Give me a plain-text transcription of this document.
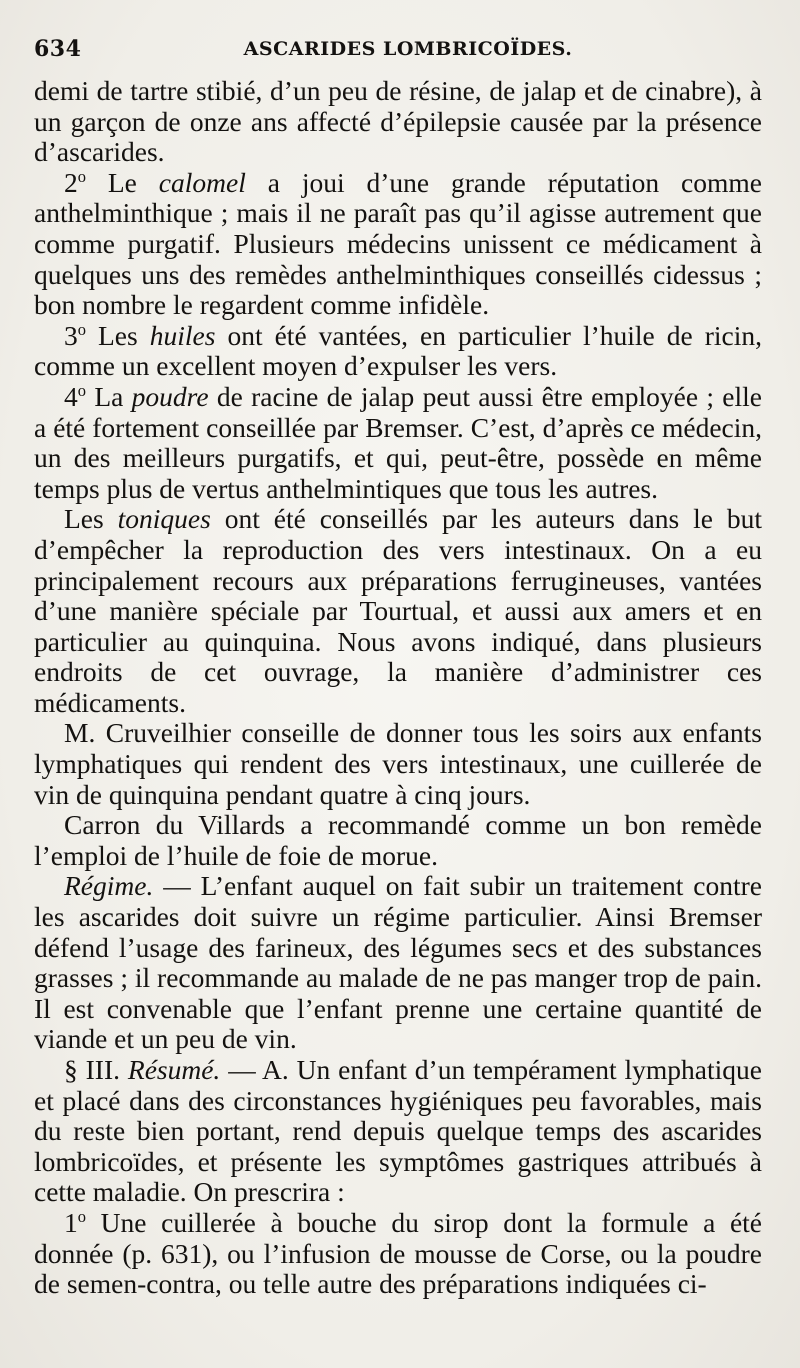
634	ASCARIDES LOMBRICOÏDES.

demi de tartre stibié, d’un peu de résine, de jalap et de cinabre), à un garçon de onze ans affecté d’épilepsie causée par la présence d’ascarides.

2$^o$ Le calomel a joui d’une grande réputation comme anthelminthique ; mais il ne paraît pas qu’il agisse autrement que comme purgatif. Plusieurs médecins unissent ce médicament à quelques uns des remèdes anthelminthiques conseillés cidessus ; bon nombre le regardent comme infidèle.

3$^o$ Les huiles ont été vantées, en particulier l’huile de ricin, comme un excellent moyen d’expulser les vers.

4$^o$ La poudre de racine de jalap peut aussi être employée ; elle a été fortement conseillée par Bremser. C’est, d’après ce médecin, un des meilleurs purgatifs, et qui, peut-être, possède en même temps plus de vertus anthelmintiques que tous les autres.

Les toniques ont été conseillés par les auteurs dans le but d’empêcher la reproduction des vers intestinaux. On a eu principalement recours aux préparations ferrugineuses, vantées d’une manière spéciale par Tourtual, et aussi aux amers et en particulier au quinquina. Nous avons indiqué, dans plusieurs endroits de cet ouvrage, la manière d’administrer ces médicaments.

M. Cruveilhier conseille de donner tous les soirs aux enfants lymphatiques qui rendent des vers intestinaux, une cuillerée de vin de quinquina pendant quatre à cinq jours.

Carron du Villards a recommandé comme un bon remède l’emploi de l’huile de foie de morue.

Régime. — L’enfant auquel on fait subir un traitement contre les ascarides doit suivre un régime particulier. Ainsi Bremser défend l’usage des farineux, des légumes secs et des substances grasses ; il recommande au malade de ne pas manger trop de pain. Il est convenable que l’enfant prenne une certaine quantité de viande et un peu de vin.

§ III. Résumé. — A. Un enfant d’un tempérament lymphatique et placé dans des circonstances hygiéniques peu favorables, mais du reste bien portant, rend depuis quelque temps des ascarides lombricoïdes, et présente les symptômes gastriques attribués à cette maladie. On prescrira :

1$^o$ Une cuillerée à bouche du sirop dont la formule a été donnée (p. 631), ou l’infusion de mousse de Corse, ou la poudre de semen-contra, ou telle autre des préparations indiquées ci-
